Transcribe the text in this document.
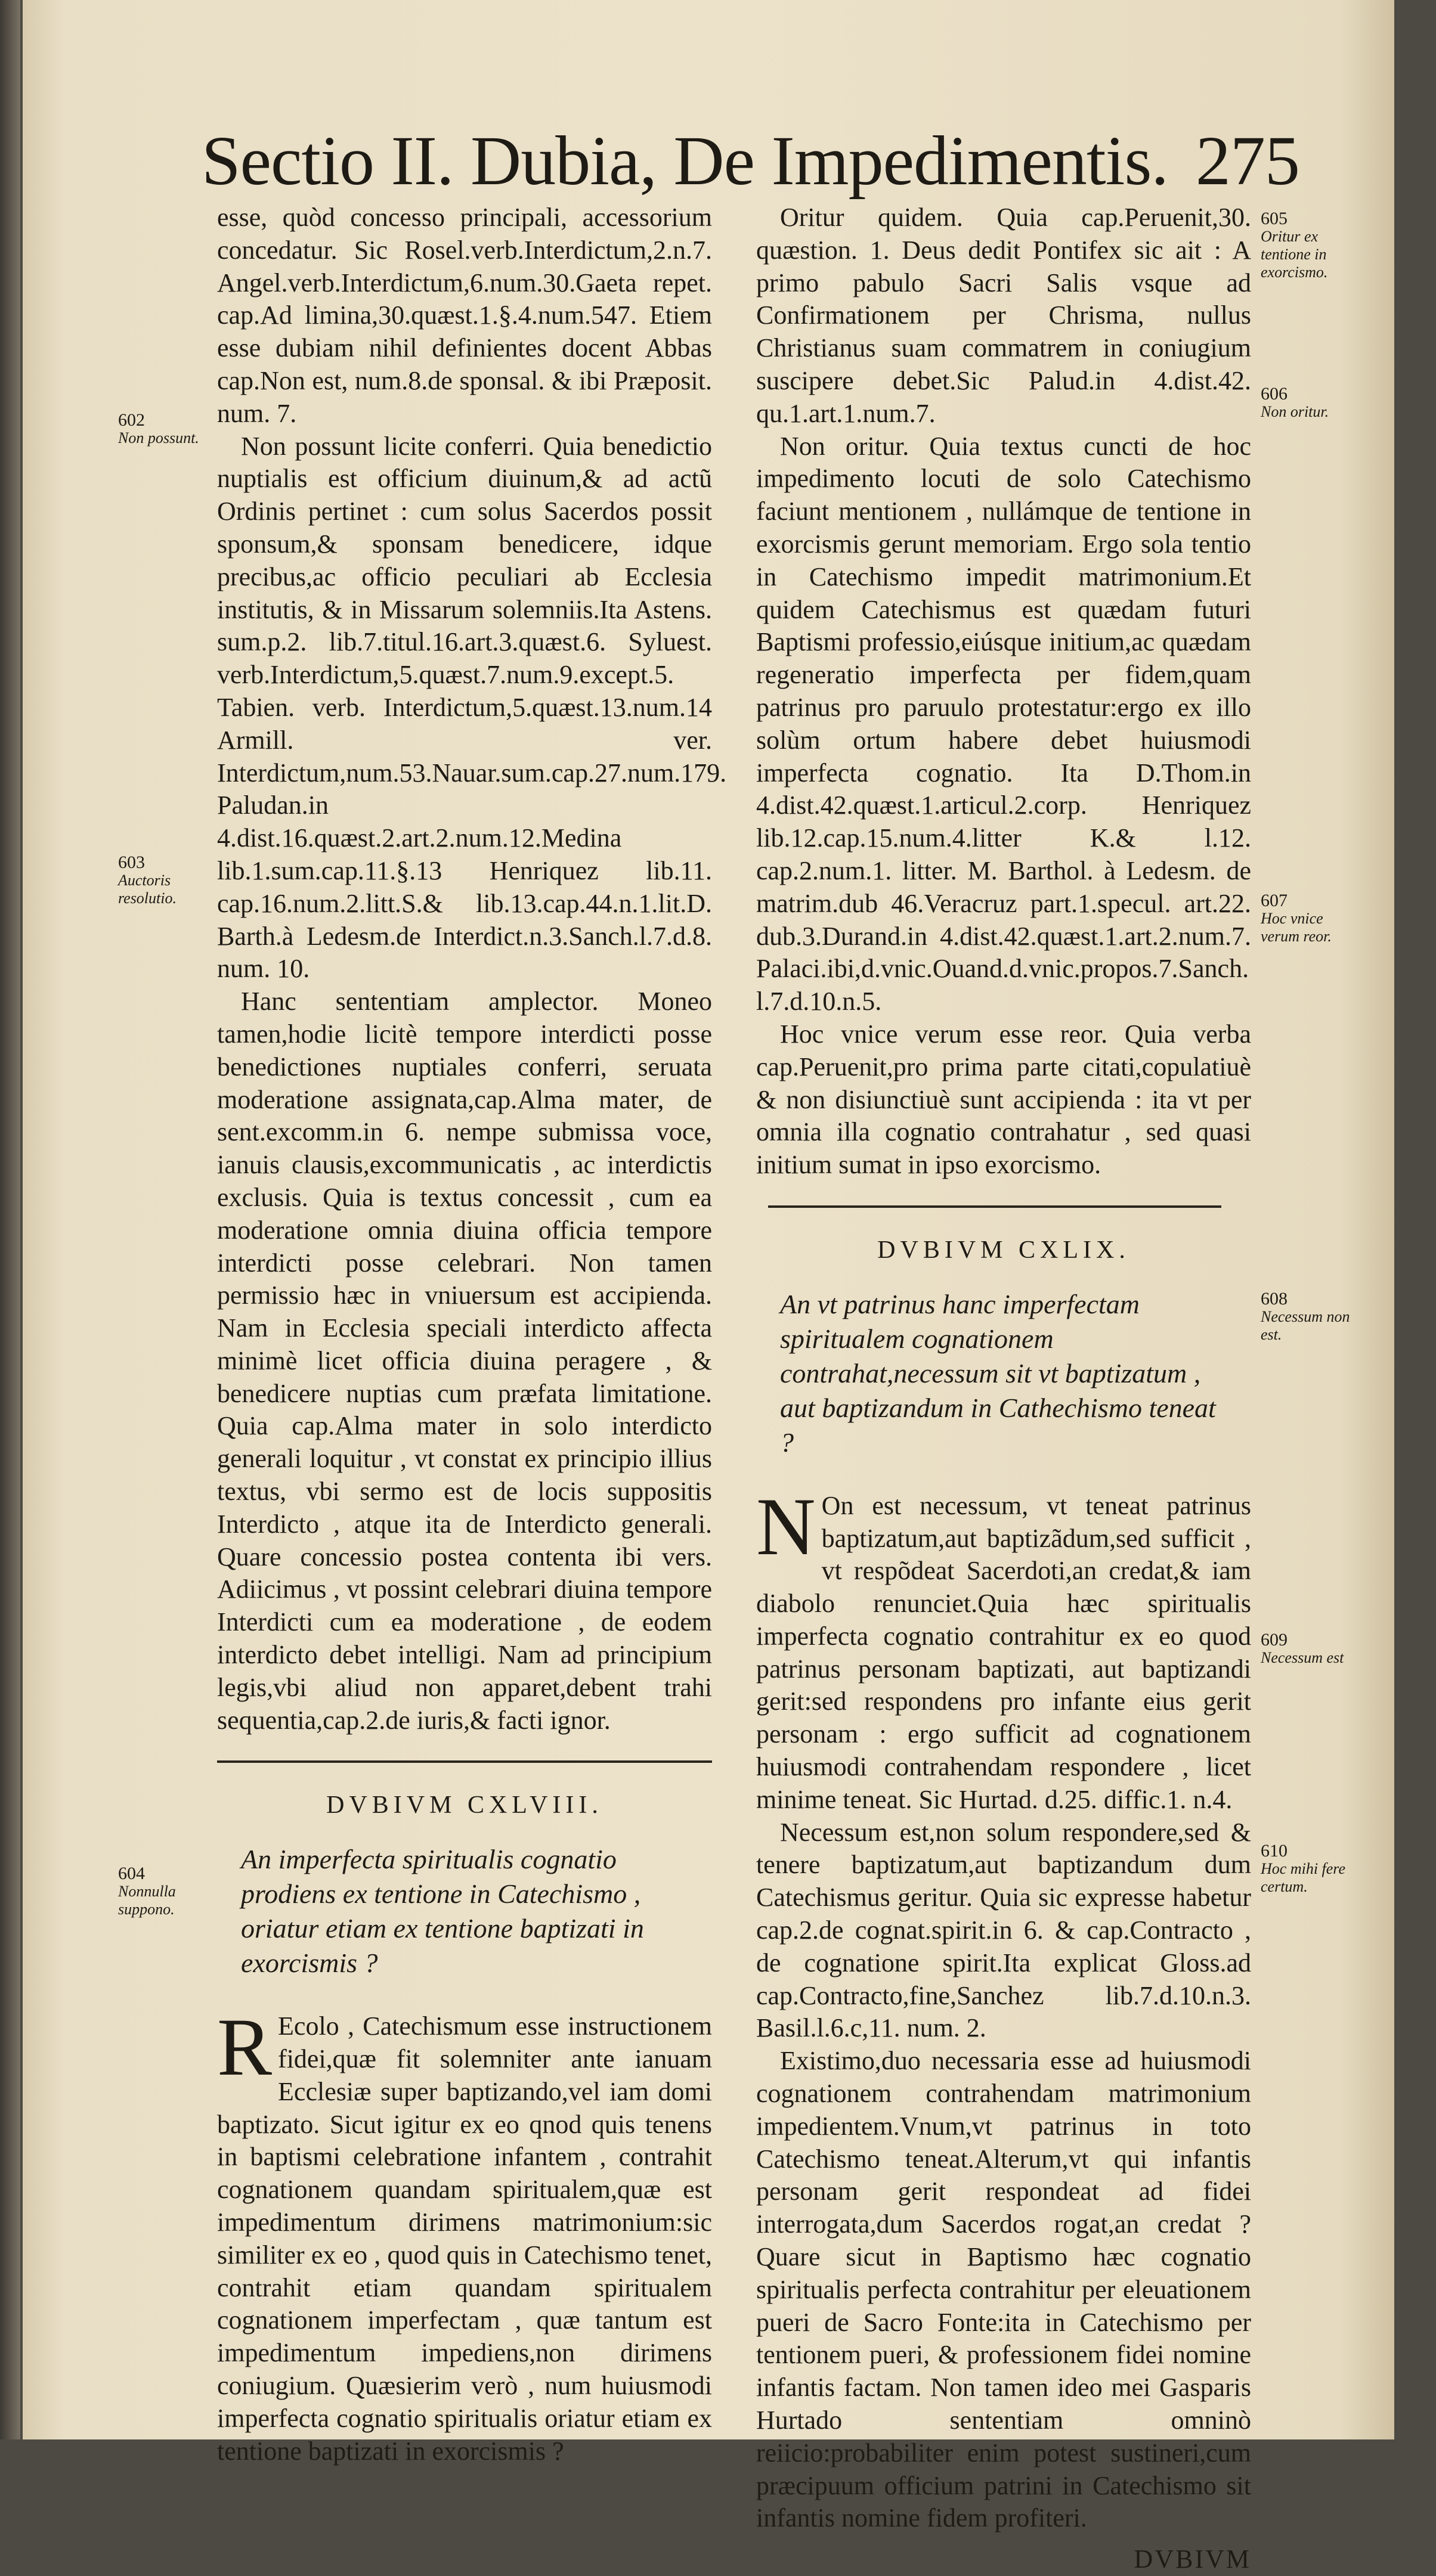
Sectio II. Dubia, De Impedimentis. 275

esse, quòd concesso principali, accessorium concedatur. Sic Rosel.verb.Interdictum,2.n.7. Angel.verb.Interdictum,6.num.30.Gaeta repet. cap.Ad limina,30.quæst.1.§.4.num.547. Etiem esse dubiam nihil definientes docent Abbas cap.Non est, num.8.de sponsal. & ibi Præposit. num. 7.

Non possunt licite conferri. Quia benedictio nuptialis est officium diuinum,& ad actũ Ordinis pertinet : cum solus Sacerdos possit sponsum,& sponsam benedicere, idque precibus,ac officio peculiari ab Ecclesia institutis, & in Missarum solemniis.Ita Astens. sum.p.2. lib.7.titul.16.art.3.quæst.6. Syluest. verb.Interdictum,5.quæst.7.num.9.except.5. Tabien. verb. Interdictum,5.quæst.13.num.14 Armill. ver. Interdictum,num.53.Nauar.sum.cap.27.num.179. Paludan.in 4.dist.16.quæst.2.art.2.num.12.Medina lib.1.sum.cap.11.§.13 Henriquez lib.11. cap.16.num.2.litt.S.& lib.13.cap.44.n.1.lit.D. Barth.à Ledesm.de Interdict.n.3.Sanch.l.7.d.8. num. 10.

Hanc sententiam amplector. Moneo tamen,hodie licitè tempore interdicti posse benedictiones nuptiales conferri, seruata moderatione assignata,cap.Alma mater, de sent.excomm.in 6. nempe submissa voce, ianuis clausis,excommunicatis , ac interdictis exclusis. Quia is textus concessit , cum ea moderatione omnia diuina officia tempore interdicti posse celebrari. Non tamen permissio hæc in vniuersum est accipienda. Nam in Ecclesia speciali interdicto affecta minimè licet officia diuina peragere , & benedicere nuptias cum præfata limitatione. Quia cap.Alma mater in solo interdicto generali loquitur , vt constat ex principio illius textus, vbi sermo est de locis suppositis Interdicto , atque ita de Interdicto generali. Quare concessio postea contenta ibi vers. Adiicimus , vt possint celebrari diuina tempore Interdicti cum ea moderatione , de eodem interdicto debet intelligi. Nam ad principium legis,vbi aliud non apparet,debent trahi sequentia,cap.2.de iuris,& facti ignor.

DVBIVM CXLVIII.
An imperfecta spiritualis cognatio prodiens ex tentione in Catechismo , oriatur etiam ex tentione baptizati in exorcismis ?

R Ecolo , Catechismum esse instructionem fidei,quæ fit solemniter ante ianuam Ecclesiæ super baptizando,vel iam domi baptizato. Sicut igitur ex eo qnod quis tenens in baptismi celebratione infantem , contrahit cognationem quandam spiritualem,quæ est impedimentum dirimens matrimonium:sic similiter ex eo , quod quis in Catechismo tenet, contrahit etiam quandam spiritualem cognationem imperfectam , quæ tantum est impedimentum impediens,non dirimens coniugium. Quæsierim verò , num huiusmodi imperfecta cognatio spiritualis oriatur etiam ex tentione baptizati in exorcismis ?

Oritur quidem. Quia cap.Peruenit,30. quæstion. 1. Deus dedit Pontifex sic ait : A primo pabulo Sacri Salis vsque ad Confirmationem per Chrisma, nullus Christianus suam commatrem in coniugium suscipere debet.Sic Palud.in 4.dist.42. qu.1.art.1.num.7.

Non oritur. Quia textus cuncti de hoc impedimento locuti de solo Catechismo faciunt mentionem , nullámque de tentione in exorcismis gerunt memoriam. Ergo sola tentio in Catechismo impedit matrimonium.Et quidem Catechismus est quædam futuri Baptismi professio,eiúsque initium,ac quædam regeneratio imperfecta per fidem,quam patrinus pro paruulo protestatur:ergo ex illo solùm ortum habere debet huiusmodi imperfecta cognatio. Ita D.Thom.in 4.dist.42.quæst.1.articul.2.corp. Henriquez lib.12.cap.15.num.4.litter K.& l.12. cap.2.num.1. litter. M. Barthol. à Ledesm. de matrim.dub 46.Veracruz part.1.specul. art.22. dub.3.Durand.in 4.dist.42.quæst.1.art.2.num.7. Palaci.ibi,d.vnic.Ouand.d.vnic.propos.7.Sanch. l.7.d.10.n.5.

Hoc vnice verum esse reor. Quia verba cap.Peruenit,pro prima parte citati,copulatiuè & non disiunctiuè sunt accipienda : ita vt per omnia illa cognatio contrahatur , sed quasi initium sumat in ipso exorcismo.

DVBIVM CXLIX.
An vt patrinus hanc imperfectam spiritualem cognationem contrahat,necessum sit vt baptizatum , aut baptizandum in Cathechismo teneat ?

N On est necessum, vt teneat patrinus baptizatum,aut baptizãdum,sed sufficit , vt respõdeat Sacerdoti,an credat,& iam diabolo renunciet.Quia hæc spiritualis imperfecta cognatio contrahitur ex eo quod patrinus personam baptizati, aut baptizandi gerit:sed respondens pro infante eius gerit personam : ergo sufficit ad cognationem huiusmodi contrahendam respondere , licet minime teneat. Sic Hurtad. d.25. diffic.1. n.4.

Necessum est,non solum respondere,sed & tenere baptizatum,aut baptizandum dum Catechismus geritur. Quia sic expresse habetur cap.2.de cognat.spirit.in 6. & cap.Contracto , de cognatione spirit.Ita explicat Gloss.ad cap.Contracto,fine,Sanchez lib.7.d.10.n.3. Basil.l.6.c,11. num. 2.

Existimo,duo necessaria esse ad huiusmodi cognationem contrahendam matrimonium impedientem.Vnum,vt patrinus in toto Catechismo teneat.Alterum,vt qui infantis personam gerit respondeat ad fidei interrogata,dum Sacerdos rogat,an credat ? Quare sicut in Baptismo hæc cognatio spiritualis perfecta contrahitur per eleuationem pueri de Sacro Fonte:ita in Catechismo per tentionem pueri, & professionem fidei nomine infantis factam. Non tamen ideo mei Gasparis Hurtado sententiam omninò reiicio:probabiliter enim potest sustineri,cum præcipuum officium patrini in Catechismo sit infantis nomine fidem profiteri.

DVBIVM
602
Non possunt.
603
Auctoris resolutio.
604
Nonnulla suppono.
605
Oritur ex tentione in exorcismo.
606
Non oritur.
607
Hoc vnice verum reor.
608
Necessum non est.
609
Necessum est
610
Hoc mihi fere certum.
